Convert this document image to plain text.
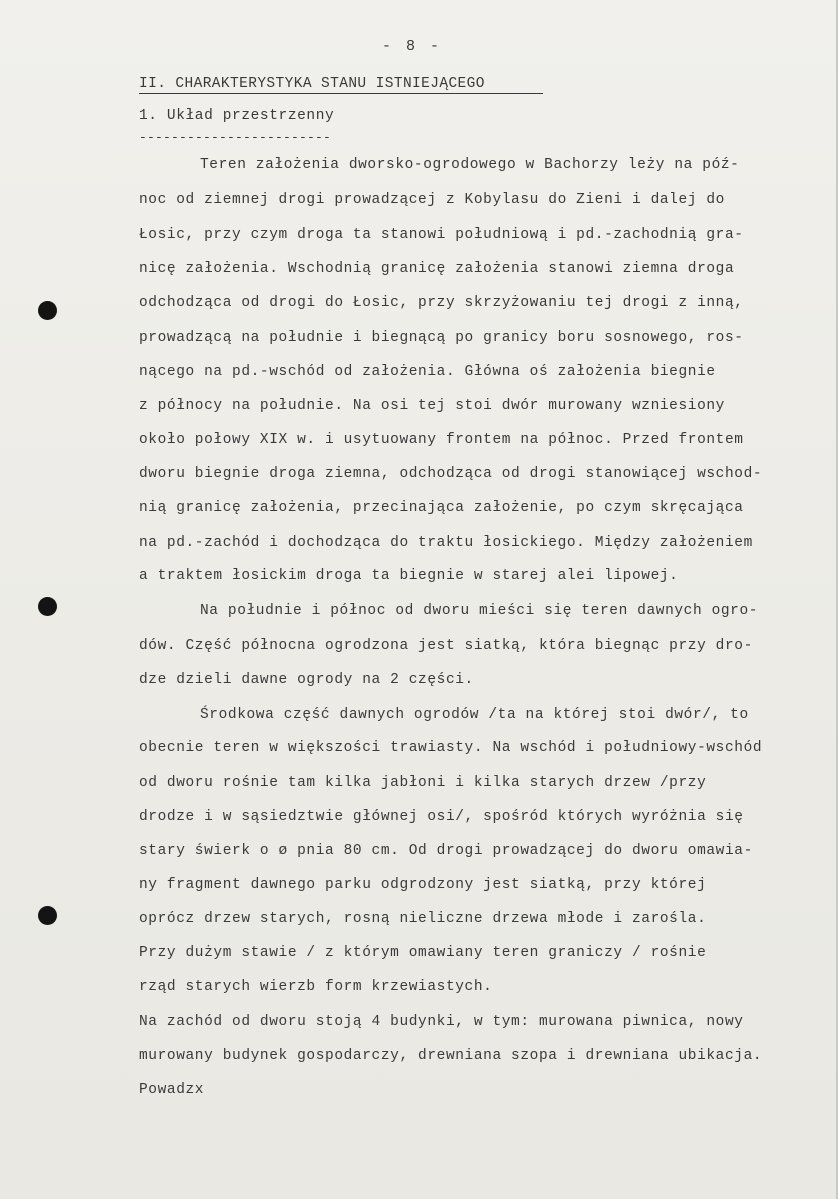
- 8 -
II. CHARAKTERYSTYKA STANU ISTNIEJĄCEGO
1. Układ przestrzenny
------------------------
Teren założenia dworsko-ogrodowego w Bachorzy leży na póź-
noc od ziemnej drogi prowadzącej z Kobylasu do Zieni i dalej do
Łosic, przy czym droga ta stanowi południową i pd.-zachodnią gra-
nicę założenia. Wschodnią granicę założenia stanowi ziemna droga
odchodząca od drogi do Łosic, przy skrzyżowaniu tej drogi z inną,
prowadzącą na południe i biegnącą po granicy boru sosnowego, ros-
nącego na pd.-wschód od założenia. Główna oś założenia biegnie
z północy na południe. Na osi tej stoi dwór murowany wzniesiony
około połowy XIX w. i usytuowany frontem na północ. Przed frontem
dworu biegnie droga ziemna, odchodząca od drogi stanowiącej wschod-
nią granicę założenia, przecinająca założenie, po czym skręcająca
na pd.-zachód i dochodząca do traktu łosickiego. Między założeniem
a traktem łosickim droga ta biegnie w starej alei lipowej.
Na południe i północ od dworu mieści się teren dawnych ogro-
dów. Część północna ogrodzona jest siatką, która biegnąc przy dro-
dze dzieli dawne ogrody na 2 części.
Środkowa część dawnych ogrodów /ta na której stoi dwór/, to
obecnie teren w większości trawiasty. Na wschód i południowy-wschód
od dworu rośnie tam kilka jabłoni i kilka starych drzew /przy
drodze i w sąsiedztwie głównej osi/, spośród których wyróżnia się
stary świerk o ø pnia 80 cm. Od drogi prowadzącej do dworu omawia-
ny fragment dawnego parku odgrodzony jest siatką, przy której
oprócz drzew starych, rosną nieliczne drzewa młode i zarośla.
Przy dużym stawie / z którym omawiany teren graniczy / rośnie
rząd starych wierzb form krzewiastych.
Na zachód od dworu stoją 4 budynki, w tym: murowana piwnica, nowy
murowany budynek gospodarczy, drewniana szopa i drewniana ubikacja.
Powadzx
